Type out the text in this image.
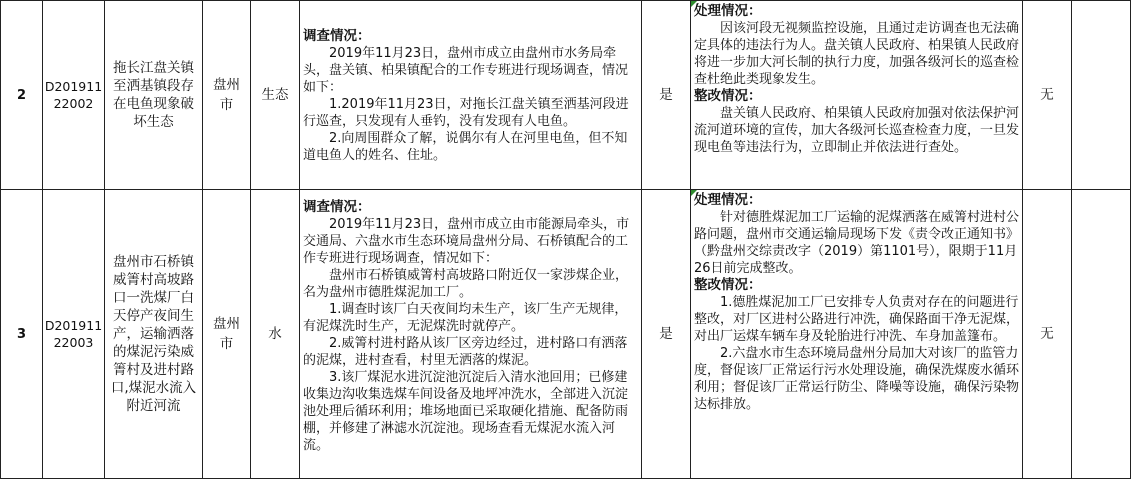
2
D201911
22002
拖长江盘关镇
至洒基镇段存
在电鱼现象破
坏生态
盘州
市
生态

调查情况：

2019年11月23日，盘州市成立由盘州市水务局牵头，盘关镇、柏果镇配合的工作专班进行现场调查，情况如下：

1.2019年11月23日，对拖长江盘关镇至洒基河段进行巡查，只发现有人垂钓，没有发现有人电鱼。

2.向周围群众了解，说偶尔有人在河里电鱼，但不知道电鱼人的姓名、住址。

是

处理情况：

因该河段无视频监控设施，且通过走访调查也无法确定具体的违法行为人。盘关镇人民政府、柏果镇人民政府将进一步加大河长制的执行力度，加强各级河长的巡查检查杜绝此类现象发生。

整改情况：

盘关镇人民政府、柏果镇人民政府加强对依法保护河流河道环境的宣传，加大各级河长巡查检查力度，一旦发现电鱼等违法行为，立即制止并依法进行查处。

无
3
D201911
22003
盘州市石桥镇
威箐村高坡路
口一洗煤厂白
天停产夜间生
产，运输洒落
的煤泥污染威
箐村及进村路
口,煤泥水流入
附近河流
盘州
市
水

调查情况：

2019年11月23日，盘州市成立由市能源局牵头，市交通局、六盘水市生态环境局盘州分局、石桥镇配合的工作专班进行现场调查，情况如下：

盘州市石桥镇威箐村高坡路口附近仅一家涉煤企业，名为盘州市德胜煤泥加工厂。

1.调查时该厂白天夜间均未生产，该厂生产无规律，有泥煤洗时生产，无泥煤洗时就停产。

2.威箐村进村路从该厂区旁边经过，进村路口有洒落的泥煤，进村查看，村里无洒落的煤泥。

3.该厂煤泥水进沉淀池沉淀后入清水池回用；已修建收集边沟收集选煤车间设备及地坪冲洗水，全部进入沉淀池处理后循环利用；堆场地面已采取硬化措施、配备防雨棚，并修建了淋滤水沉淀池。现场查看无煤泥水流入河流。

是

处理情况：

针对德胜煤泥加工厂运输的泥煤洒落在威箐村进村公路问题，盘州市交通运输局现场下发《责令改正通知书》（黔盘州交综责改字（2019）第1101号），限期于11月26日前完成整改。

整改情况：

1.德胜煤泥加工厂已安排专人负责对存在的问题进行整改，对厂区进村公路进行冲洗，确保路面干净无泥煤，对出厂运煤车辆车身及轮胎进行冲洗、车身加盖篷布。

2.六盘水市生态环境局盘州分局加大对该厂的监管力度，督促该厂正常运行污水处理设施，确保洗煤废水循环利用；督促该厂正常运行防尘、降噪等设施，确保污染物达标排放。

无
